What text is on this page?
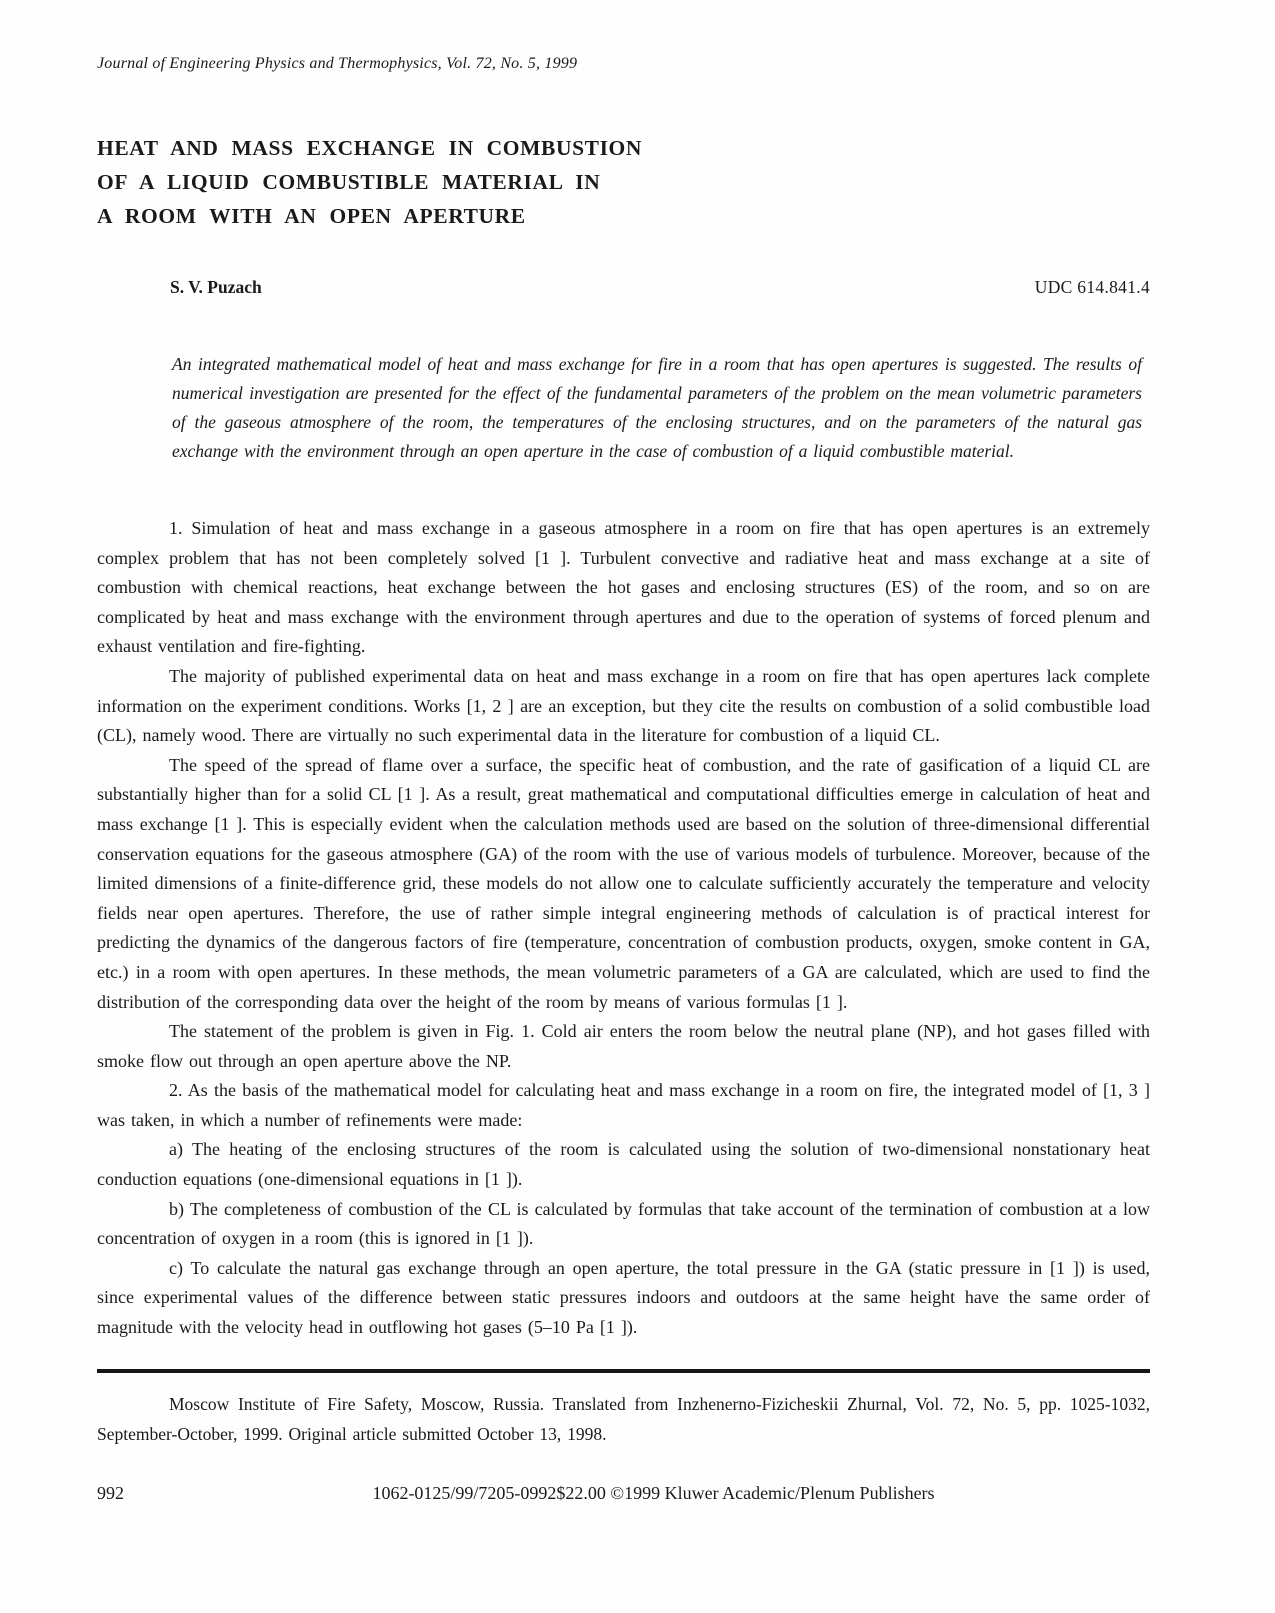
Journal of Engineering Physics and Thermophysics, Vol. 72, No. 5, 1999
HEAT AND MASS EXCHANGE IN COMBUSTION
OF A LIQUID COMBUSTIBLE MATERIAL IN
A ROOM WITH AN OPEN APERTURE
S. V. Puzach	UDC 614.841.4
An integrated mathematical model of heat and mass exchange for fire in a room that has open apertures is suggested. The results of numerical investigation are presented for the effect of the fundamental parameters of the problem on the mean volumetric parameters of the gaseous atmosphere of the room, the temperatures of the enclosing structures, and on the parameters of the natural gas exchange with the environment through an open aperture in the case of combustion of a liquid combustible material.

1. Simulation of heat and mass exchange in a gaseous atmosphere in a room on fire that has open apertures is an extremely complex problem that has not been completely solved [1 ]. Turbulent convective and radiative heat and mass exchange at a site of combustion with chemical reactions, heat exchange between the hot gases and enclosing structures (ES) of the room, and so on are complicated by heat and mass exchange with the environment through apertures and due to the operation of systems of forced plenum and exhaust ventilation and fire-fighting.

The majority of published experimental data on heat and mass exchange in a room on fire that has open apertures lack complete information on the experiment conditions. Works [1, 2 ] are an exception, but they cite the results on combustion of a solid combustible load (CL), namely wood. There are virtually no such experimental data in the literature for combustion of a liquid CL.

The speed of the spread of flame over a surface, the specific heat of combustion, and the rate of gasification of a liquid CL are substantially higher than for a solid CL [1 ]. As a result, great mathematical and computational difficulties emerge in calculation of heat and mass exchange [1 ]. This is especially evident when the calculation methods used are based on the solution of three-dimensional differential conservation equations for the gaseous atmosphere (GA) of the room with the use of various models of turbulence. Moreover, because of the limited dimensions of a finite-difference grid, these models do not allow one to calculate sufficiently accurately the temperature and velocity fields near open apertures. Therefore, the use of rather simple integral engineering methods of calculation is of practical interest for predicting the dynamics of the dangerous factors of fire (temperature, concentration of combustion products, oxygen, smoke content in GA, etc.) in a room with open apertures. In these methods, the mean volumetric parameters of a GA are calculated, which are used to find the distribution of the corresponding data over the height of the room by means of various formulas [1 ].

The statement of the problem is given in Fig. 1. Cold air enters the room below the neutral plane (NP), and hot gases filled with smoke flow out through an open aperture above the NP.

2. As the basis of the mathematical model for calculating heat and mass exchange in a room on fire, the integrated model of [1, 3 ] was taken, in which a number of refinements were made:

a) The heating of the enclosing structures of the room is calculated using the solution of two-dimensional nonstationary heat conduction equations (one-dimensional equations in [1 ]).

b) The completeness of combustion of the CL is calculated by formulas that take account of the termination of combustion at a low concentration of oxygen in a room (this is ignored in [1 ]).

c) To calculate the natural gas exchange through an open aperture, the total pressure in the GA (static pressure in [1 ]) is used, since experimental values of the difference between static pressures indoors and outdoors at the same height have the same order of magnitude with the velocity head in outflowing hot gases (5–10 Pa [1 ]).

Moscow Institute of Fire Safety, Moscow, Russia. Translated from Inzhenerno-Fizicheskii Zhurnal, Vol. 72, No. 5, pp. 1025-1032, September-October, 1999. Original article submitted October 13, 1998.
992	1062-0125/99/7205-0992$22.00 ©1999 Kluwer Academic/Plenum Publishers
